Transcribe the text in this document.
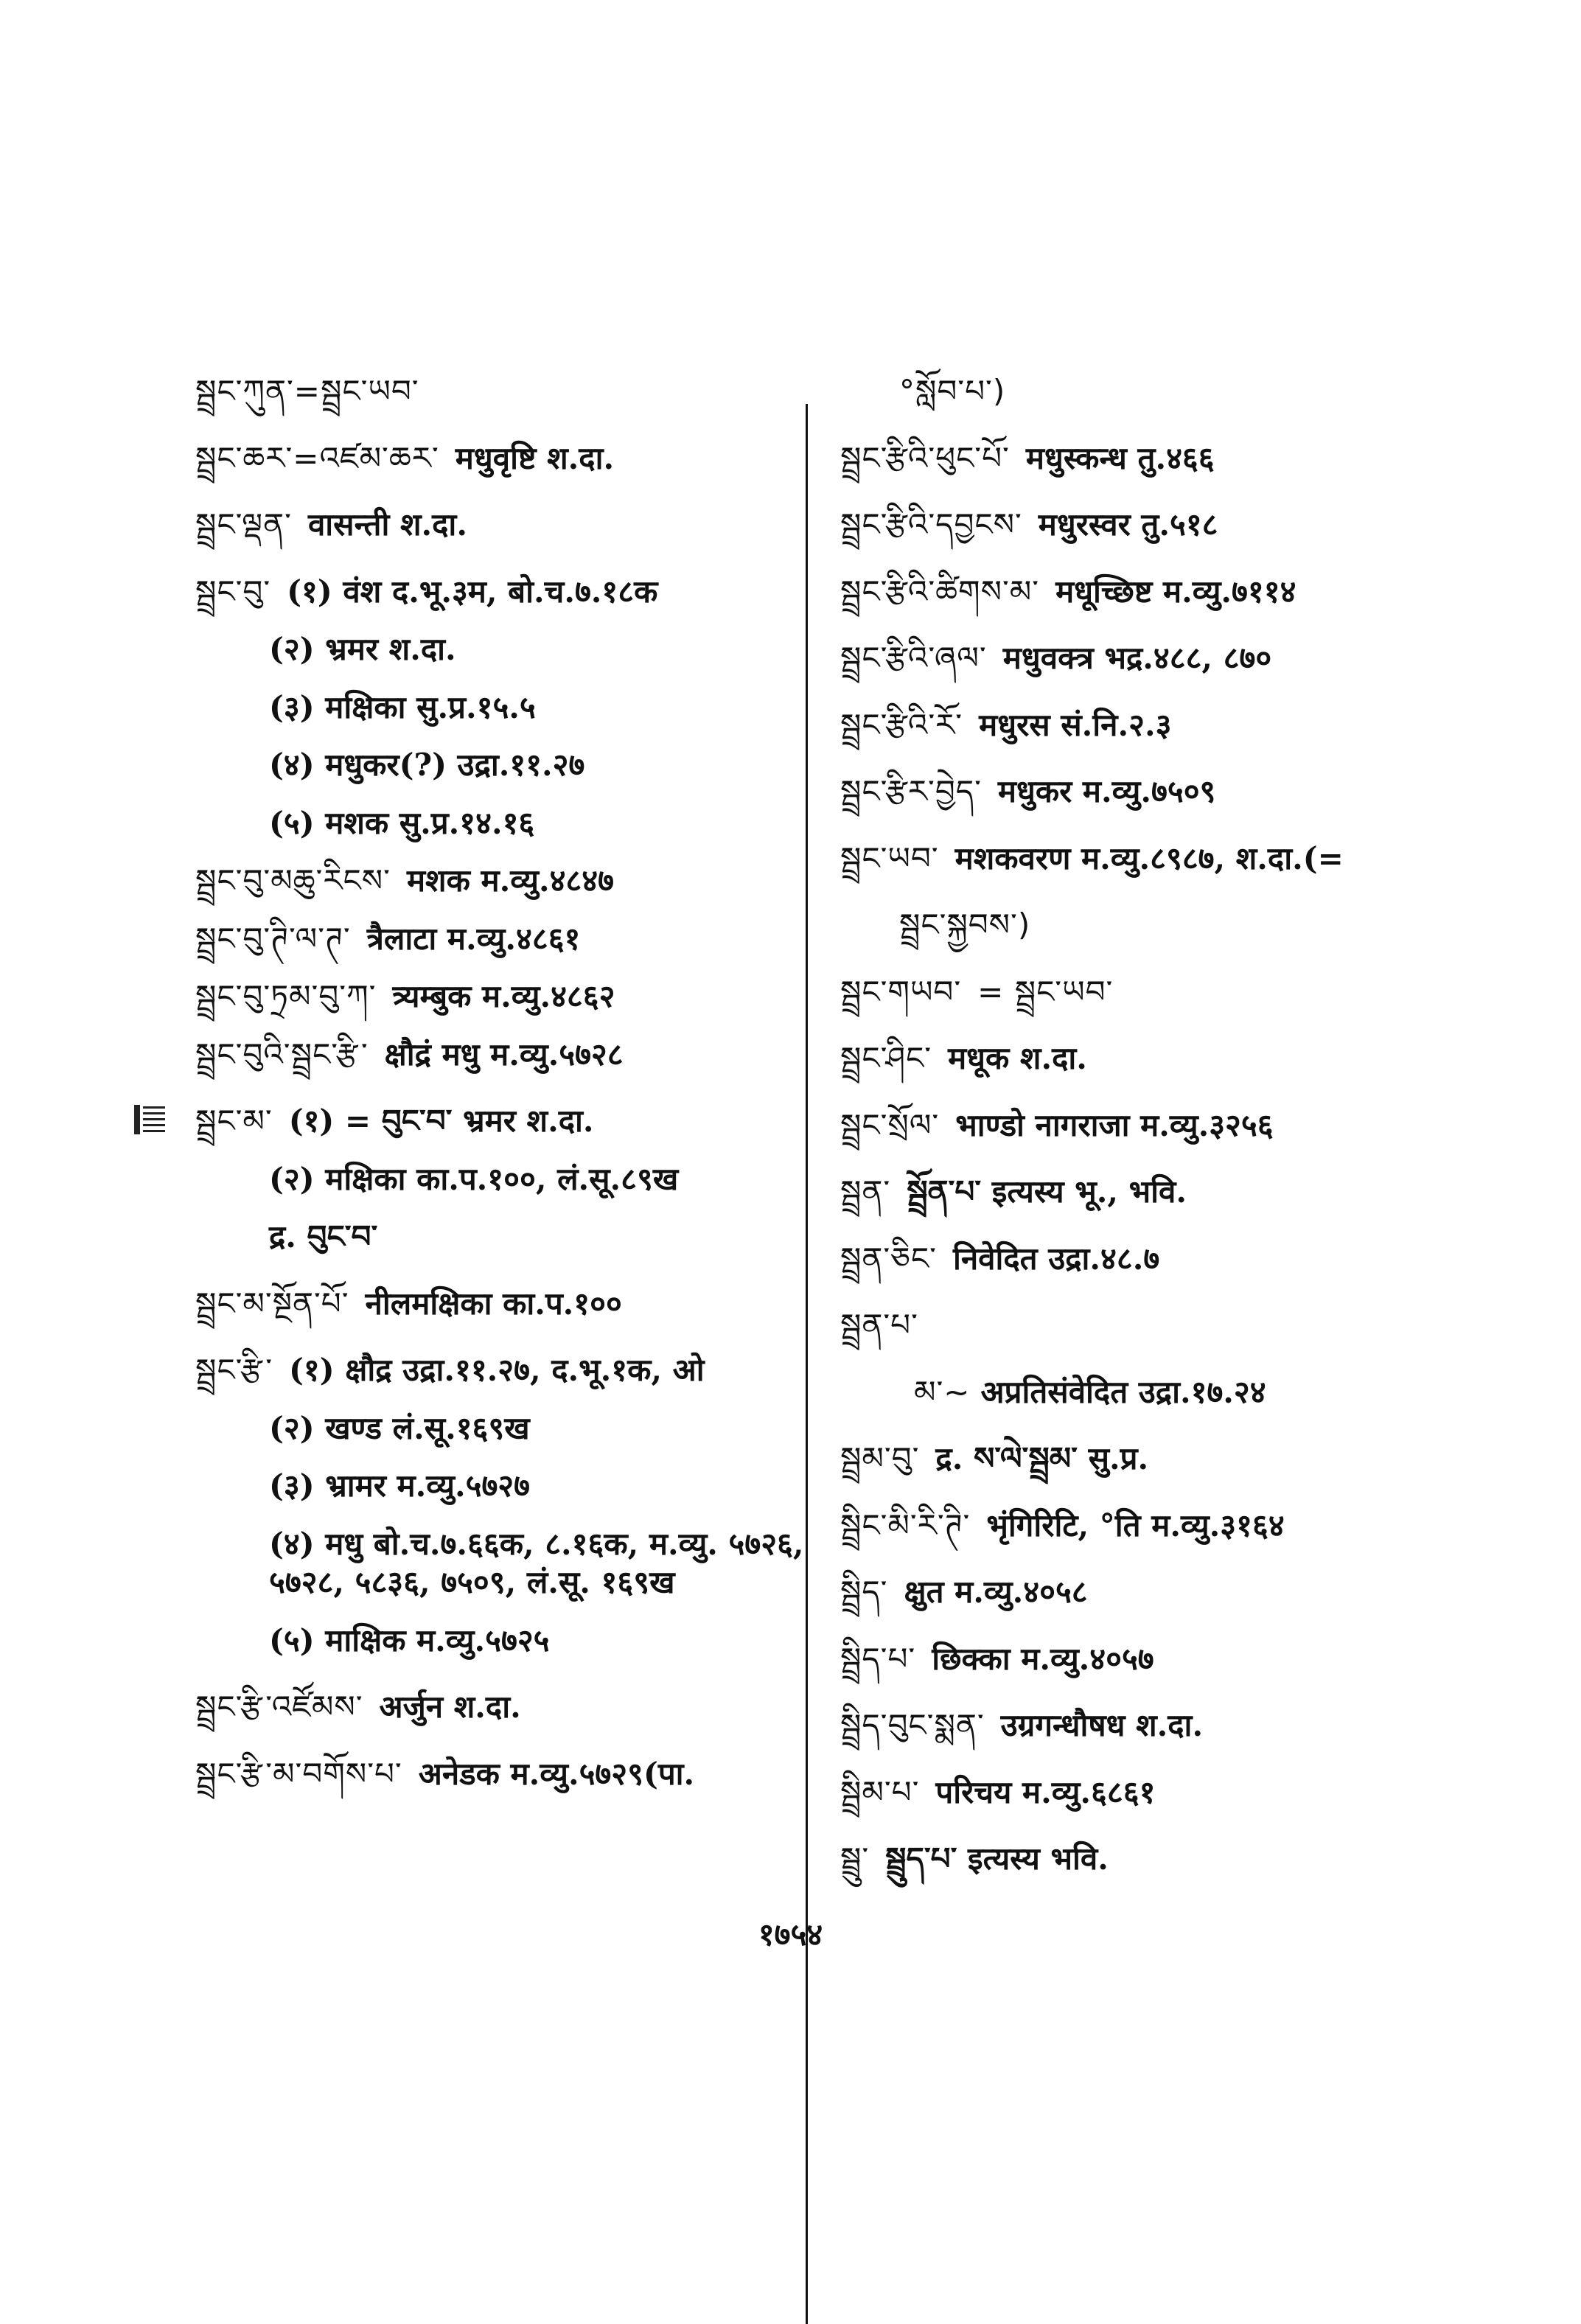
སྦྲང་ཀུན་=སྦྲང་ཡབ་
སྦྲང་ཆར་=འཛམ་ཆར་ मधुवृष्टि श.दा.
སྦྲང་ལྡན་ वासन्ती श.दा.
སྦྲང་བུ་ (१) वंश द.भू.३म, बो.च.७.१८क
(२) भ्रमर श.दा.
(३) मक्षिका सु.प्र.१५.५
(४) मधुकर(?) उद्रा.११.२७
(५) मशक सु.प्र.१४.१६
སྦྲང་བུ་མཆུ་རིངས་ मशक म.व्यु.४८४७
སྦྲང་བུ་ཊི་ལ་ཊ་ त्रैलाटा म.व्यु.४८६१
སྦྲང་བུ་ཏྲམ་བུ་ཀ་ त्र्यम्बुक म.व्यु.४८६२
སྦྲང་བུའི་སྦྲང་རྩི་ क्षौद्रं मधु म.व्यु.५७२८
སྦྲང་མ་ (१) = བུང་བ་ भ्रमर श.दा.
(२) मक्षिका का.प.१००, लं.सू.८९ख
द्र. བུང་བ་
སྦྲང་མ་སྔོན་པོ་ नीलमक्षिका का.प.१००
སྦྲང་རྩི་ (१) क्षौद्र उद्रा.११.२७, द.भू.१क, ओ
(२) खण्ड लं.सू.१६९ख
(३) भ्रामर म.व्यु.५७२७
(४) मधु बो.च.७.६६क, ८.१६क, म.व्यु. ५७२६, ५७२८, ५८३६, ७५०९, लं.सू. १६९ख
(५) माक्षिक म.व्यु.५७२५
སྦྲང་རྩི་འཛོམས་ अर्जुन श.दा.
སྦྲང་རྩི་མ་བགོས་པ་ अनेडक म.व्यु.५७२९(पा.
°སློབ་པ་)
སྦྲང་རྩིའི་ཕུང་པོ་ मधुस्कन्ध तु.४६६
སྦྲང་རྩིའི་དབྱངས་ मधुरस्वर तु.५१८
སྦྲང་རྩིའི་ཚིགས་མ་ मधूच्छिष्ट म.व्यु.७११४
སྦྲང་རྩིའི་ཞལ་ मधुवक्त्र भद्र.४८८, ८७०
སྦྲང་རྩིའི་རོ་ मधुरस सं.नि.२.३
སྦྲང་རྩིར་བྱེད་ मधुकर म.व्यु.७५०९
སྦྲང་ཡབ་ मशकवरण म.व्यु.८९८७, श.दा.(=
སྦྲང་སྐྱབས་)
སྦྲང་གཡབ་ = སྦྲང་ཡབ་
སྦྲང་ཤིང་ मधूक श.दा.
སྦྲང་སྲོལ་ भाण्डो नागराजा म.व्यु.३२५६
སྦྲན་ སྦྲོན་པ་ इत्यस्य भू., भवि.
སྦྲན་ཅིང་ निवेदित उद्रा.४८.७
སྦྲན་པ་
མ་~ अप्रतिसंवेदित उद्रा.१७.२४
སྦྲམ་བུ་ द्र. ས་ལེ་སྦྲམ་ सु.प्र.
སྦྲིང་མི་རི་ཊི་ भृंगिरिटि, °ति म.व्यु.३१६४
སྦྲིད་ क्षुत म.व्यु.४०५८
སྦྲིད་པ་ छिक्का म.व्यु.४०५७
སྦྲིད་བུང་སྨན་ उग्रगन्धौषध श.दा.
སྦྲིམ་པ་ परिचय म.व्यु.६८६१
སྦྲུ་ སྦྲུད་པ་ इत्यस्य भवि.
१७५४
